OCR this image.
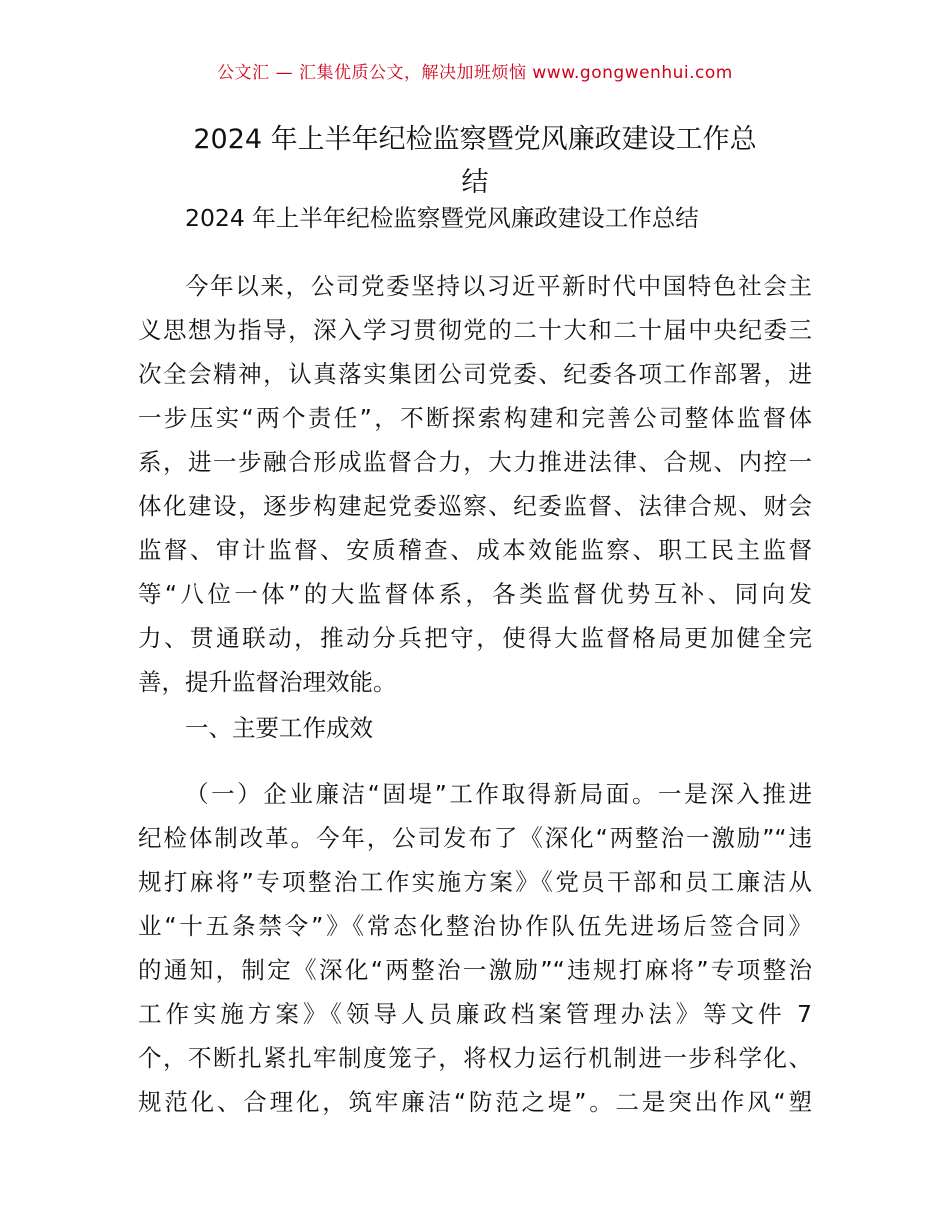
公文汇 — 汇集优质公文，解决加班烦恼 www.gongwenhui.com
2024 年上半年纪检监察暨党风廉政建设工作总
结
2024 年上半年纪检监察暨党风廉政建设工作总结
今年以来，公司党委坚持以习近平新时代中国特色社会主
义思想为指导，深入学习贯彻党的二十大和二十届中央纪委三
次全会精神，认真落实集团公司党委、纪委各项工作部署，进
一步压实“两个责任”，不断探索构建和完善公司整体监督体
系，进一步融合形成监督合力，大力推进法律、合规、内控一
体化建设，逐步构建起党委巡察、纪委监督、法律合规、财会
监督、审计监督、安质稽查、成本效能监察、职工民主监督
等“八位一体”的大监督体系，各类监督优势互补、同向发
力、贯通联动，推动分兵把守，使得大监督格局更加健全完
善，提升监督治理效能。
一、主要工作成效
（一）企业廉洁“固堤”工作取得新局面。一是深入推进
纪检体制改革。今年，公司发布了《深化“两整治一激励”“违
规打麻将”专项整治工作实施方案》《党员干部和员工廉洁从
业“十五条禁令”》《常态化整治协作队伍先进场后签合同》
的通知，制定《深化“两整治一激励”“违规打麻将”专项整治
工作实施方案》《领导人员廉政档案管理办法》等文件 7
个，不断扎紧扎牢制度笼子，将权力运行机制进一步科学化、
规范化、合理化，筑牢廉洁“防范之堤”。二是突出作风“塑
